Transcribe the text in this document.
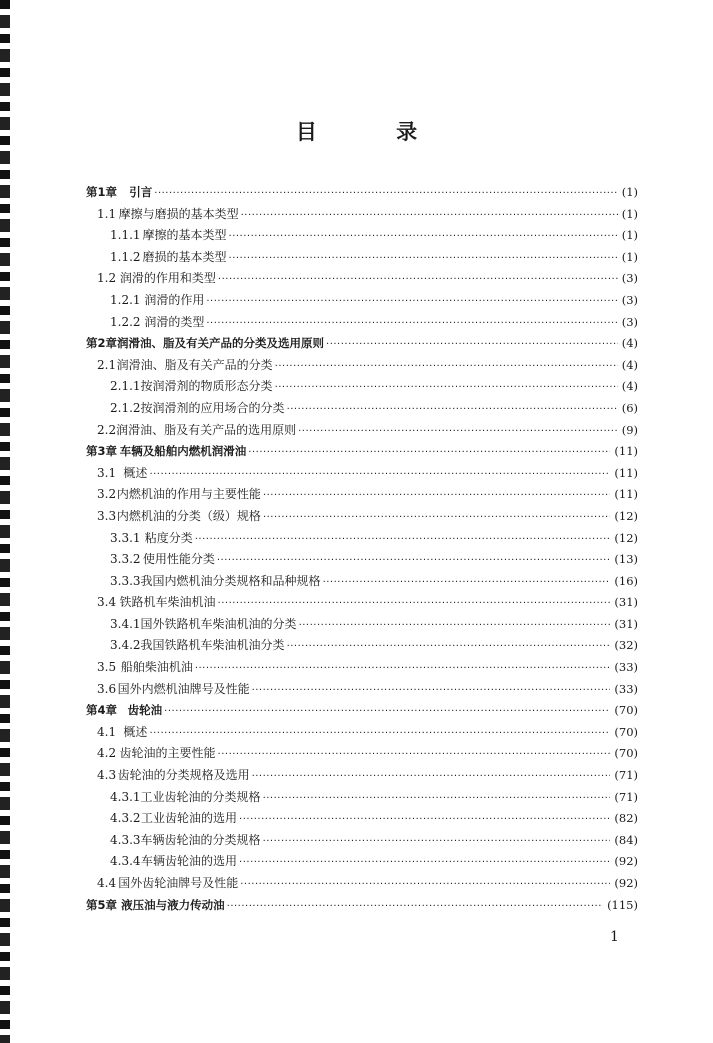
目 录
第1章	引言 ·····	(1)
1.1 摩擦与磨损的基本类型 ·····	(1)
1.1.1 摩擦的基本类型 ·····	(1)
1.1.2 磨损的基本类型 ·····	(1)
1.2 润滑的作用和类型 ·····	(3)
1.2.1 润滑的作用 ·····	(3)
1.2.2 润滑的类型 ·····	(3)
第2章 润滑油、脂及有关产品的分类及选用原则 ·····	(4)
2.1 润滑油、脂及有关产品的分类 ·····	(4)
2.1.1 按润滑剂的物质形态分类 ·····	(4)
2.1.2 按润滑剂的应用场合的分类 ·····	(6)
2.2 润滑油、脂及有关产品的选用原则 ·····	(9)
第3章 车辆及船舶内燃机润滑油 ·····	(11)
3.1 概述 ·····	(11)
3.2 内燃机油的作用与主要性能 ·····	(11)
3.3 内燃机油的分类（级）规格 ·····	(12)
3.3.1 粘度分类 ·····	(12)
3.3.2 使用性能分类 ·····	(13)
3.3.3 我国内燃机油分类规格和品种规格 ·····	(16)
3.4 铁路机车柴油机油 ·····	(31)
3.4.1 国外铁路机车柴油机油的分类 ·····	(31)
3.4.2 我国铁路机车柴油机油分类 ·····	(32)
3.5 船舶柴油机油 ·····	(33)
3.6 国外内燃机油牌号及性能 ·····	(33)
第4章 齿轮油 ·····	(70)
4.1 概述 ·····	(70)
4.2 齿轮油的主要性能 ·····	(70)
4.3 齿轮油的分类规格及选用 ·····	(71)
4.3.1 工业齿轮油的分类规格 ·····	(71)
4.3.2 工业齿轮油的选用 ·····	(82)
4.3.3 车辆齿轮油的分类规格 ·····	(84)
4.3.4 车辆齿轮油的选用 ·····	(92)
4.4 国外齿轮油牌号及性能 ·····	(92)
第5章 液压油与液力传动油 ·····	(115)
1
